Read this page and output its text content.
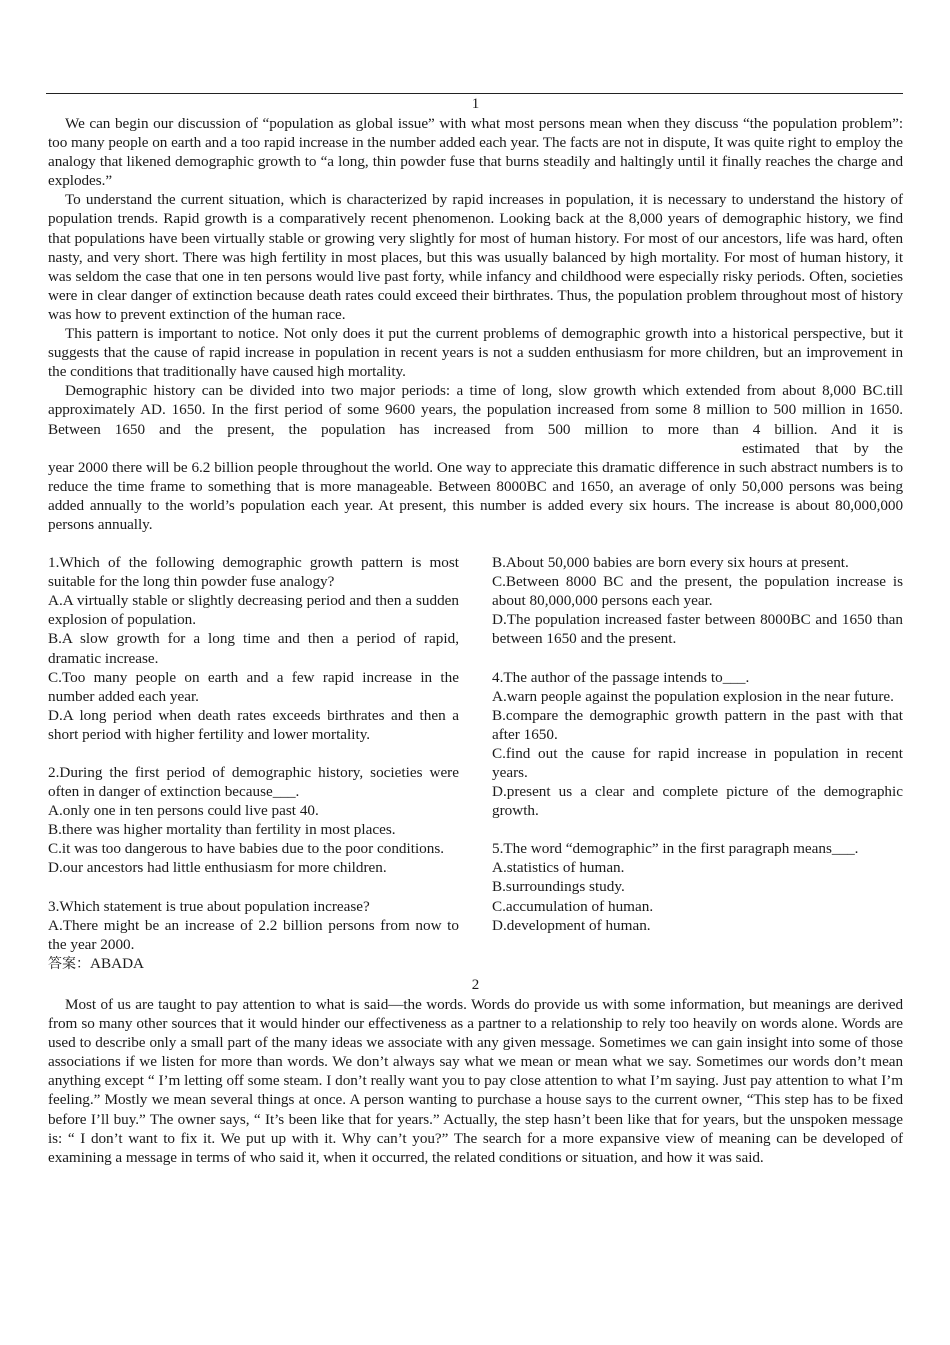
1

We can begin our discussion of “population as global issue” with what most persons mean when they discuss “the population problem”: too many people on earth and a too rapid increase in the number added each year. The facts are not in dispute, It was quite right to employ the analogy that likened demographic growth to “a long, thin powder fuse that burns steadily and haltingly until it finally reaches the charge and explodes.”

To understand the current situation, which is characterized by rapid increases in population, it is necessary to understand the history of population trends. Rapid growth is a comparatively recent phenomenon. Looking back at the 8,000 years of demographic history, we find that populations have been virtually stable or growing very slightly for most of human history. For most of our ancestors, life was hard, often nasty, and very short. There was high fertility in most places, but this was usually balanced by high mortality. For most of human history, it was seldom the case that one in ten persons would live past forty, while infancy and childhood were especially risky periods. Often, societies were in clear danger of extinction because death rates could exceed their birthrates. Thus, the population problem throughout most of history was how to prevent extinction of the human race.

This pattern is important to notice. Not only does it put the current problems of demographic growth into a historical perspective, but it suggests that the cause of rapid increase in population in recent years is not a sudden enthusiasm for more children, but an improvement in the conditions that traditionally have caused high mortality.

Demographic history can be divided into two major periods: a time of long, slow growth which extended from about 8,000 BC.till approximately AD. 1650. In the first period of some 9600 years, the population increased from some 8 million to 500 million in 1650. Between 1650 and the present, the population has increased from 500 million to more than 4 billion. And it is

estimated that by the

year 2000 there will be 6.2 billion people throughout the world. One way to appreciate this dramatic difference in such abstract numbers is to reduce the time frame to something that is more manageable. Between 8000BC and 1650, an average of only 50,000 persons was being added annually to the world’s population each year. At present, this number is added every six hours. The increase is about 80,000,000 persons annually.

1.Which of the following demographic growth pattern is most suitable for the long thin powder fuse analogy?
A.A virtually stable or slightly decreasing period and then a sudden explosion of population.
B.A slow growth for a long time and then a period of rapid, dramatic increase.
C.Too many people on earth and a few rapid increase in the number added each year.
D.A long period when death rates exceeds birthrates and then a short period with higher fertility and lower mortality.
2.During the first period of demographic history, societies were often in danger of extinction because___.
A.only one in ten persons could live past 40.
B.there was higher mortality than fertility in most places.
C.it was too dangerous to have babies due to the poor conditions.
D.our ancestors had little enthusiasm for more children.
3.Which statement is true about population increase?
A.There might be an increase of 2.2 billion persons from now to the year 2000.
答案：ABADA
B.About 50,000 babies are born every six hours at present.
C.Between 8000 BC and the present, the population increase is about 80,000,000 persons each year.
D.The population increased faster between 8000BC and 1650 than between 1650 and the present.
4.The author of the passage intends to___.
A.warn people against the population explosion in the near future.
B.compare the demographic growth pattern in the past with that after 1650.
C.find out the cause for rapid increase in population in recent years.
D.present us a clear and complete picture of the demographic growth.
5.The word “demographic” in the first paragraph means___.
A.statistics of human.
B.surroundings study.
C.accumulation of human.
D.development of human.
2

Most of us are taught to pay attention to what is said—the words. Words do provide us with some information, but meanings are derived from so many other sources that it would hinder our effectiveness as a partner to a relationship to rely too heavily on words alone. Words are used to describe only a small part of the many ideas we associate with any given message. Sometimes we can gain insight into some of those associations if we listen for more than words. We don’t always say what we mean or mean what we say. Sometimes our words don’t mean anything except “ I’m letting off some steam. I don’t really want you to pay close attention to what I’m saying. Just pay attention to what I’m feeling.” Mostly we mean several things at once. A person wanting to purchase a house says to the current owner, “This step has to be fixed before I’ll buy.” The owner says, “ It’s been like that for years.” Actually, the step hasn’t been like that for years, but the unspoken message is: “ I don’t want to fix it. We put up with it. Why can’t you?” The search for a more expansive view of meaning can be developed of examining a message in terms of who said it, when it occurred, the related conditions or situation, and how it was said.
